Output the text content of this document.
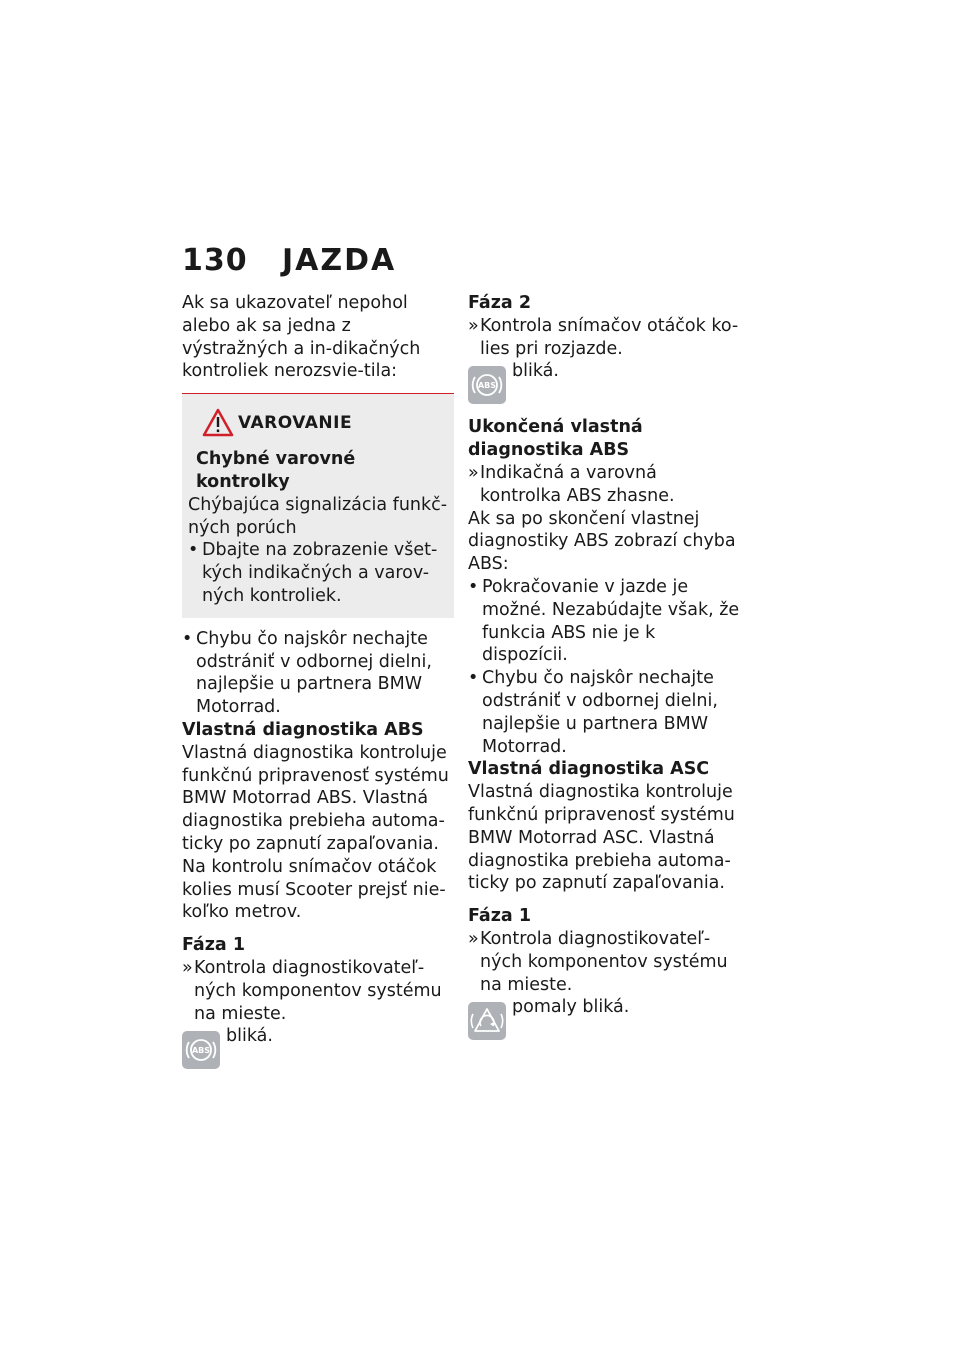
130 JAZDA

Ak sa ukazovateľ nepohol alebo ak sa jedna z výstražných a in-dikačných kontroliek nerozsvie-tila:

VAROVANIE

Chybné varovné kontrolky

Chýbajúca signalizácia funkč-ných porúch

• Dbajte na zobrazenie všet-kých indikačných a varov-ných kontroliek.

• Chybu čo najskôr nechajte odstrániť v odbornej dielni, najlepšie u partnera BMW Motorrad.

Vlastná diagnostika ABS

Vlastná diagnostika kontroluje funkčnú pripravenosť systému BMW Motorrad ABS. Vlastná diagnostika prebieha automa-ticky po zapnutí zapaľovania. Na kontrolu snímačov otáčok kolies musí Scooter prejsť nie-koľko metrov.

Fáza 1

» Kontrola diagnostikovateľ-ných komponentov systému na mieste.

ABS
bliká.

Fáza 2

» Kontrola snímačov otáčok ko-lies pri rozjazde.

ABS
bliká.

Ukončená vlastná diagnostika ABS

» Indikačná a varovná kontrolka ABS zhasne.

Ak sa po skončení vlastnej diagnostiky ABS zobrazí chyba ABS:

• Pokračovanie v jazde je možné. Nezabúdajte však, že funkcia ABS nie je k dispozícii.

• Chybu čo najskôr nechajte odstrániť v odbornej dielni, najlepšie u partnera BMW Motorrad.

Vlastná diagnostika ASC

Vlastná diagnostika kontroluje funkčnú pripravenosť systému BMW Motorrad ASC. Vlastná diagnostika prebieha automa-ticky po zapnutí zapaľovania.

Fáza 1

» Kontrola diagnostikovateľ-ných komponentov systému na mieste.

pomaly bliká.
